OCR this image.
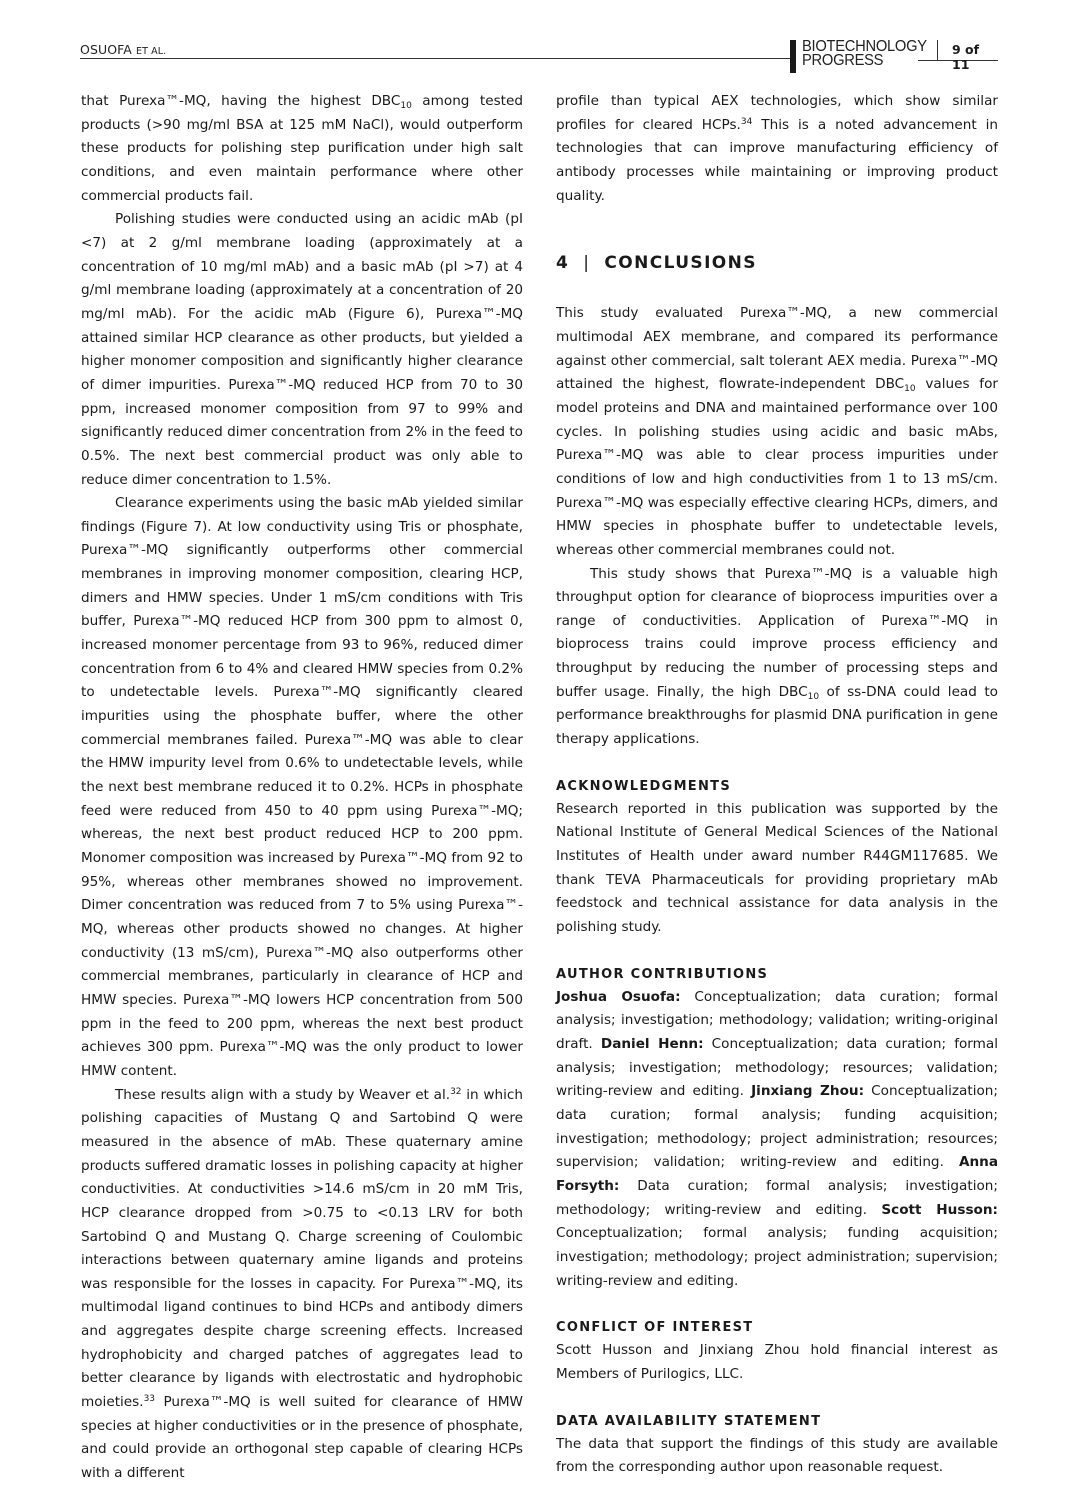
OSUOFA ET AL.	BIOTECHNOLOGY
PROGRESS
9 of 11

that Purexa™-MQ, having the highest $DBC_{10}$ among tested products (>90 mg/ml BSA at 125 mM NaCl), would outperform these products for polishing step purification under high salt conditions, and even maintain performance where other commercial products fail.

Polishing studies were conducted using an acidic mAb (pI <7) at 2 g/ml membrane loading (approximately at a concentration of 10 mg/ml mAb) and a basic mAb (pI >7) at 4 g/ml membrane loading (approximately at a concentration of 20 mg/ml mAb). For the acidic mAb (Figure 6), Purexa™-MQ attained similar HCP clearance as other products, but yielded a higher monomer composition and significantly higher clearance of dimer impurities. Purexa™-MQ reduced HCP from 70 to 30 ppm, increased monomer composition from 97 to 99% and significantly reduced dimer concentration from 2% in the feed to 0.5%. The next best commercial product was only able to reduce dimer concentration to 1.5%.

Clearance experiments using the basic mAb yielded similar findings (Figure 7). At low conductivity using Tris or phosphate, Purexa™-MQ significantly outperforms other commercial membranes in improving monomer composition, clearing HCP, dimers and HMW species. Under 1 mS/cm conditions with Tris buffer, Purexa™-MQ reduced HCP from 300 ppm to almost 0, increased monomer percentage from 93 to 96%, reduced dimer concentration from 6 to 4% and cleared HMW species from 0.2% to undetectable levels. Purexa™-MQ significantly cleared impurities using the phosphate buffer, where the other commercial membranes failed. Purexa™-MQ was able to clear the HMW impurity level from 0.6% to undetectable levels, while the next best membrane reduced it to 0.2%. HCPs in phosphate feed were reduced from 450 to 40 ppm using Purexa™-MQ; whereas, the next best product reduced HCP to 200 ppm. Monomer composition was increased by Purexa™-MQ from 92 to 95%, whereas other membranes showed no improvement. Dimer concentration was reduced from 7 to 5% using Purexa™-MQ, whereas other products showed no changes. At higher conductivity (13 mS/cm), Purexa™-MQ also outperforms other commercial membranes, particularly in clearance of HCP and HMW species. Purexa™-MQ lowers HCP concentration from 500 ppm in the feed to 200 ppm, whereas the next best product achieves 300 ppm. Purexa™-MQ was the only product to lower HMW content.

These results align with a study by Weaver et al.$^{32}$ in which polishing capacities of Mustang Q and Sartobind Q were measured in the absence of mAb. These quaternary amine products suffered dramatic losses in polishing capacity at higher conductivities. At conductivities >14.6 mS/cm in 20 mM Tris, HCP clearance dropped from >0.75 to <0.13 LRV for both Sartobind Q and Mustang Q. Charge screening of Coulombic interactions between quaternary amine ligands and proteins was responsible for the losses in capacity. For Purexa™-MQ, its multimodal ligand continues to bind HCPs and antibody dimers and aggregates despite charge screening effects. Increased hydrophobicity and charged patches of aggregates lead to better clearance by ligands with electrostatic and hydrophobic moieties.$^{33}$ Purexa™-MQ is well suited for clearance of HMW species at higher conductivities or in the presence of phosphate, and could provide an orthogonal step capable of clearing HCPs with a different

profile than typical AEX technologies, which show similar profiles for cleared HCPs.$^{34}$ This is a noted advancement in technologies that can improve manufacturing efficiency of antibody processes while maintaining or improving product quality.

4 | CONCLUSIONS

This study evaluated Purexa™-MQ, a new commercial multimodal AEX membrane, and compared its performance against other commercial, salt tolerant AEX media. Purexa™-MQ attained the highest, flowrate-independent $DBC_{10}$ values for model proteins and DNA and maintained performance over 100 cycles. In polishing studies using acidic and basic mAbs, Purexa™-MQ was able to clear process impurities under conditions of low and high conductivities from 1 to 13 mS/cm. Purexa™-MQ was especially effective clearing HCPs, dimers, and HMW species in phosphate buffer to undetectable levels, whereas other commercial membranes could not.

This study shows that Purexa™-MQ is a valuable high throughput option for clearance of bioprocess impurities over a range of conductivities. Application of Purexa™-MQ in bioprocess trains could improve process efficiency and throughput by reducing the number of processing steps and buffer usage. Finally, the high $DBC_{10}$ of ss-DNA could lead to performance breakthroughs for plasmid DNA purification in gene therapy applications.

ACKNOWLEDGMENTS

Research reported in this publication was supported by the National Institute of General Medical Sciences of the National Institutes of Health under award number R44GM117685. We thank TEVA Pharmaceuticals for providing proprietary mAb feedstock and technical assistance for data analysis in the polishing study.

AUTHOR CONTRIBUTIONS

Joshua Osuofa: Conceptualization; data curation; formal analysis; investigation; methodology; validation; writing-original draft. Daniel Henn: Conceptualization; data curation; formal analysis; investigation; methodology; resources; validation; writing-review and editing. Jinxiang Zhou: Conceptualization; data curation; formal analysis; funding acquisition; investigation; methodology; project administration; resources; supervision; validation; writing-review and editing. Anna Forsyth: Data curation; formal analysis; investigation; methodology; writing-review and editing. Scott Husson: Conceptualization; formal analysis; funding acquisition; investigation; methodology; project administration; supervision; writing-review and editing.

CONFLICT OF INTEREST

Scott Husson and Jinxiang Zhou hold financial interest as Members of Purilogics, LLC.

DATA AVAILABILITY STATEMENT

The data that support the findings of this study are available from the corresponding author upon reasonable request.
